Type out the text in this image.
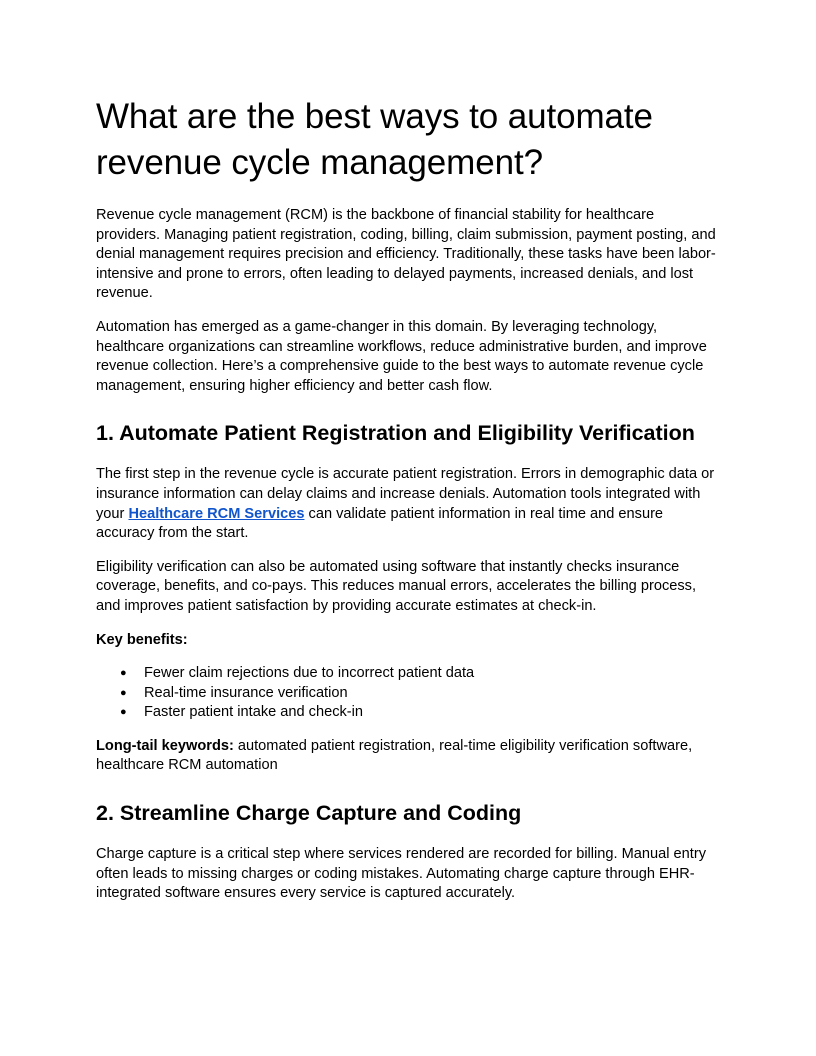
What are the best ways to automate revenue cycle management?

Revenue cycle management (RCM) is the backbone of financial stability for healthcare providers. Managing patient registration, coding, billing, claim submission, payment posting, and denial management requires precision and efficiency. Traditionally, these tasks have been labor-intensive and prone to errors, often leading to delayed payments, increased denials, and lost revenue.

Automation has emerged as a game-changer in this domain. By leveraging technology, healthcare organizations can streamline workflows, reduce administrative burden, and improve revenue collection. Here’s a comprehensive guide to the best ways to automate revenue cycle management, ensuring higher efficiency and better cash flow.

1. Automate Patient Registration and Eligibility Verification

The first step in the revenue cycle is accurate patient registration. Errors in demographic data or insurance information can delay claims and increase denials. Automation tools integrated with your Healthcare RCM Services can validate patient information in real time and ensure accuracy from the start.

Eligibility verification can also be automated using software that instantly checks insurance coverage, benefits, and co-pays. This reduces manual errors, accelerates the billing process, and improves patient satisfaction by providing accurate estimates at check-in.

Key benefits:

● Fewer claim rejections due to incorrect patient data
● Real-time insurance verification
● Faster patient intake and check-in

Long-tail keywords: automated patient registration, real-time eligibility verification software, healthcare RCM automation

2. Streamline Charge Capture and Coding

Charge capture is a critical step where services rendered are recorded for billing. Manual entry often leads to missing charges or coding mistakes. Automating charge capture through EHR-integrated software ensures every service is captured accurately.
